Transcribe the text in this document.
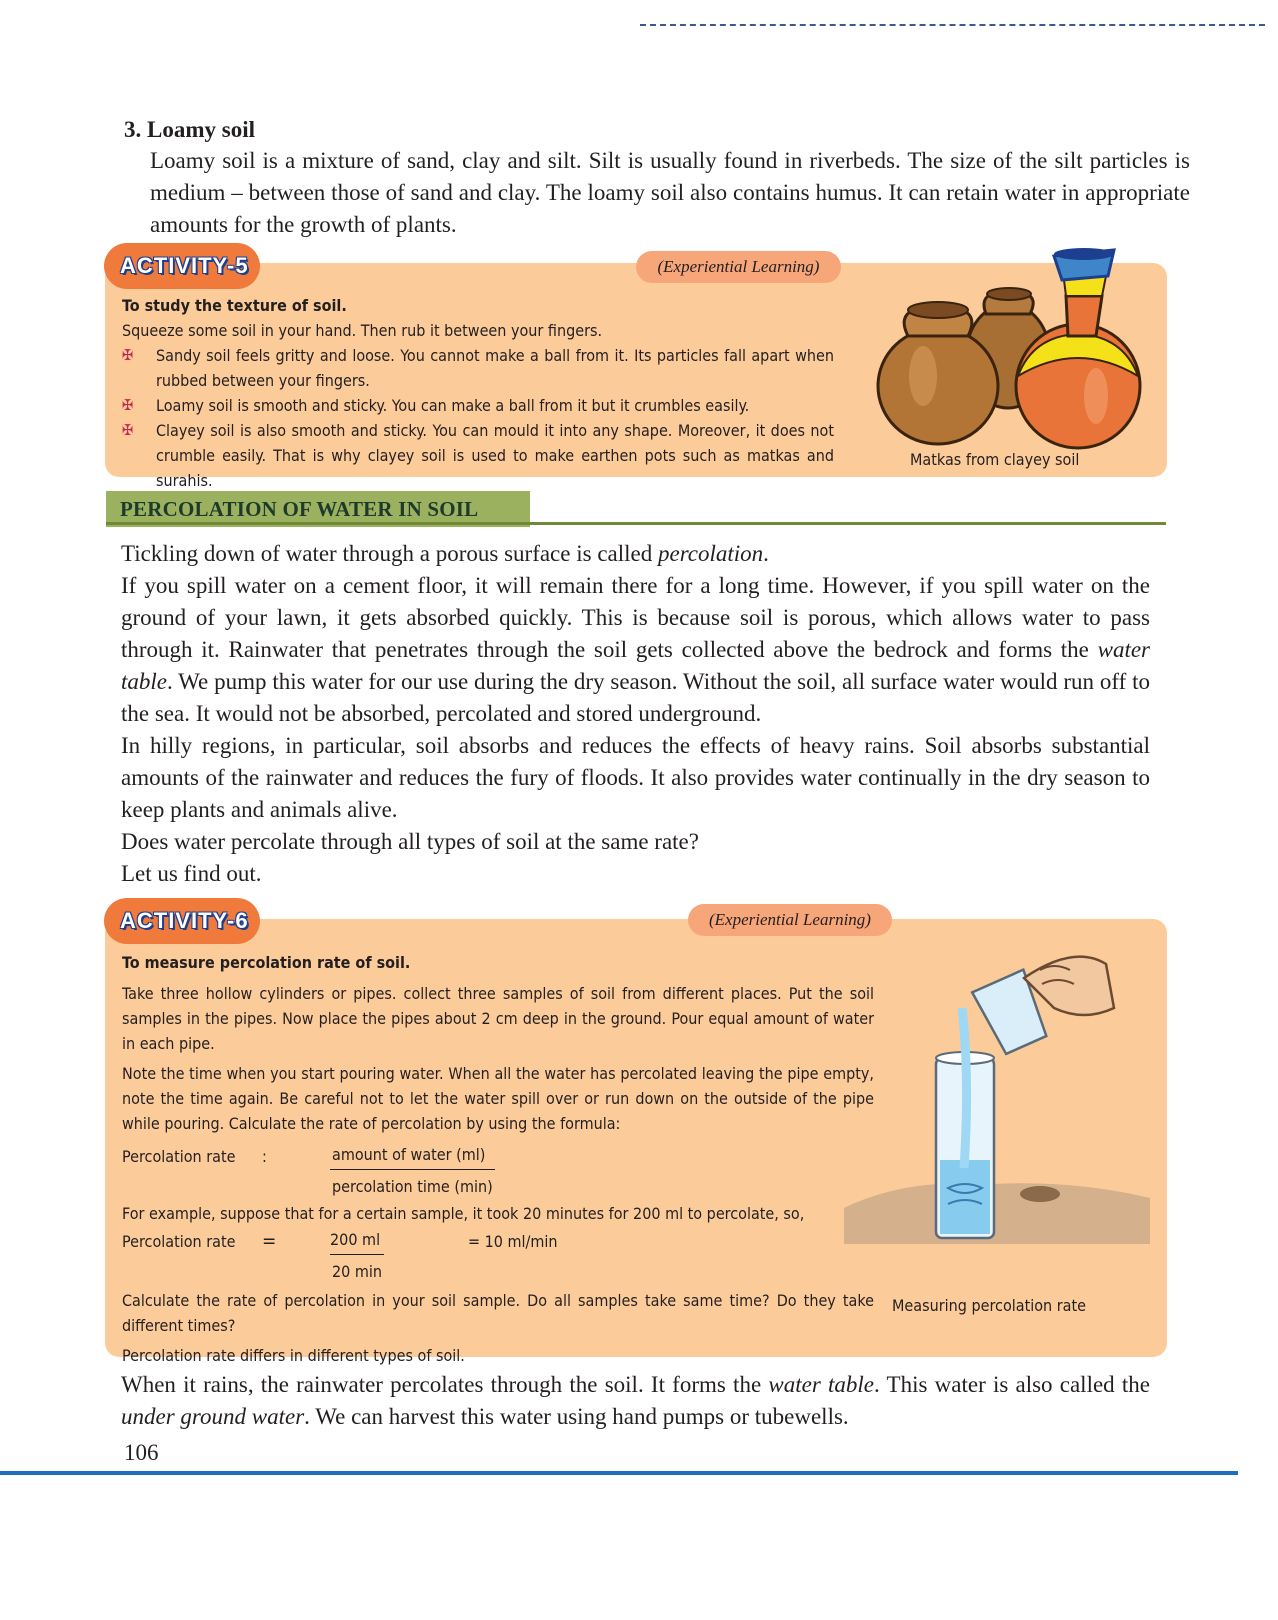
3. Loamy soil
Loamy soil is a mixture of sand, clay and silt. Silt is usually found in riverbeds. The size of the silt particles is medium – between those of sand and clay. The loamy soil also contains humus. It can retain water in appropriate amounts for the growth of plants.
ACTIVITY-5	(Experiential Learning)
To study the texture of soil.
Squeeze some soil in your hand. Then rub it between your fingers.
✠	Sandy soil feels gritty and loose. You cannot make a ball from it. Its particles fall apart when rubbed between your fingers.
✠	Loamy soil is smooth and sticky. You can make a ball from it but it crumbles easily.
✠	Clayey soil is also smooth and sticky. You can mould it into any shape. Moreover, it does not crumble easily. That is why clayey soil is used to make earthen pots such as matkas and surahis.
Matkas from clayey soil
PERCOLATION OF WATER IN SOIL

Tickling down of water through a porous surface is called percolation.

If you spill water on a cement floor, it will remain there for a long time. However, if you spill water on the ground of your lawn, it gets absorbed quickly. This is because soil is porous, which allows water to pass through it. Rainwater that penetrates through the soil gets collected above the bedrock and forms the water table. We pump this water for our use during the dry season. Without the soil, all surface water would run off to the sea. It would not be absorbed, percolated and stored underground.

In hilly regions, in particular, soil absorbs and reduces the effects of heavy rains. Soil absorbs substantial amounts of the rainwater and reduces the fury of floods. It also provides water continually in the dry season to keep plants and animals alive.

Does water percolate through all types of soil at the same rate?

Let us find out.

ACTIVITY-6	(Experiential Learning)

To measure percolation rate of soil.

Take three hollow cylinders or pipes. collect three samples of soil from different places. Put the soil samples in the pipes. Now place the pipes about 2 cm deep in the ground. Pour equal amount of water in each pipe.

Note the time when you start pouring water. When all the water has percolated leaving the pipe empty, note the time again. Be careful not to let the water spill over or run down on the outside of the pipe while pouring. Calculate the rate of percolation by using the formula:

Percolation rate	:	amount of water (ml)
percolation time (min)

For example, suppose that for a certain sample, it took 20 minutes for 200 ml to percolate, so,

Percolation rate	=	200 ml	= 10 ml/min
20 min

Calculate the rate of percolation in your soil sample. Do all samples take same time? Do they take different times?

Percolation rate differs in different types of soil.

Measuring percolation rate
When it rains, the rainwater percolates through the soil. It forms the water table. This water is also called the under ground water. We can harvest this water using hand pumps or tubewells.
106
